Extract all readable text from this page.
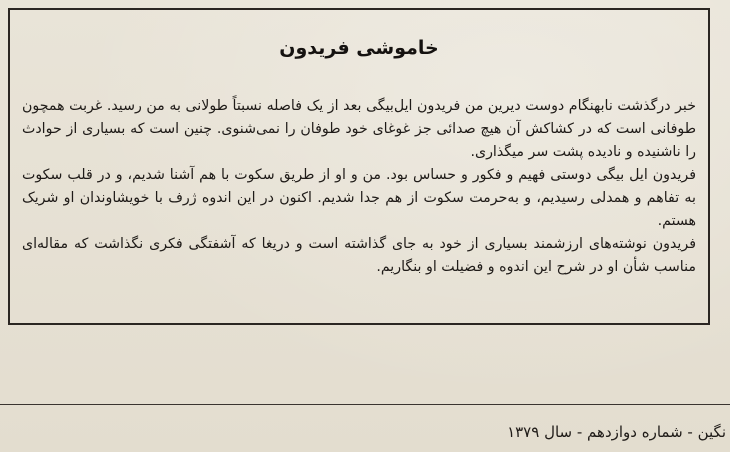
خاموشی فریدون

خبر درگذشت نابهنگام دوست دیرین من فریدون ایل‌بیگی بعد از یک فاصله نسبتاً طولانی به من رسید. غربت همچون طوفانی است که در کشاکش آن هیچ صدائی جز غوغای خود طوفان را نمی‌شنوی. چنین است که بسیاری از حوادث را ناشنیده و نادیده پشت سر میگذاری.

فریدون ایل بیگی دوستی فهیم و فکور و حساس بود. من و او از طریق سکوت با هم آشنا شدیم، و در قلب سکوت به تفاهم و همدلی رسیدیم، و به‌حرمت سکوت از هم جدا شدیم. اکنون در این اندوه ژرف با خویشاوندان او شریک هستم.

فریدون نوشته‌های ارزشمند بسیاری از خود به جای گذاشته است و دریغا که آشفتگی فکری نگذاشت که مقاله‌ای مناسب شأن او در شرح این اندوه و فضیلت او بنگاریم.

نگین - شماره دوازدهم - سال ۱۳۷۹
